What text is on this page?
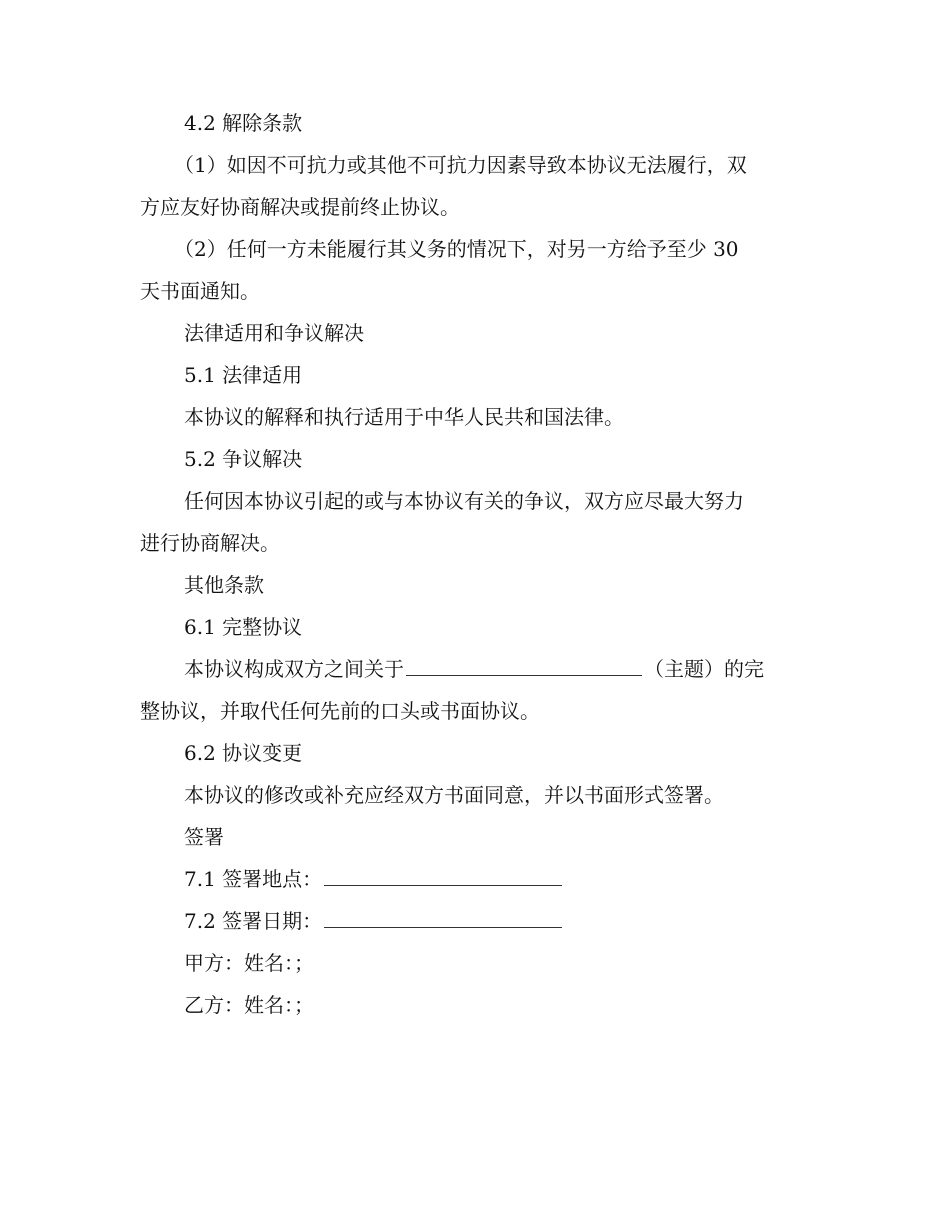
4.2 解除条款
（1）如因不可抗力或其他不可抗力因素导致本协议无法履行，双
方应友好协商解决或提前终止协议。
（2）任何一方未能履行其义务的情况下，对另一方给予至少 30
天书面通知。
法律适用和争议解决
5.1 法律适用
本协议的解释和执行适用于中华人民共和国法律。
5.2 争议解决
任何因本协议引起的或与本协议有关的争议，双方应尽最大努力
进行协商解决。
其他条款
6.1 完整协议
本协议构成双方之间关于	（主题）的完
整协议，并取代任何先前的口头或书面协议。
6.2 协议变更
本协议的修改或补充应经双方书面同意，并以书面形式签署。
签署
7.1 签署地点：
7.2 签署日期：
甲方：姓名：；
乙方：姓名：；
